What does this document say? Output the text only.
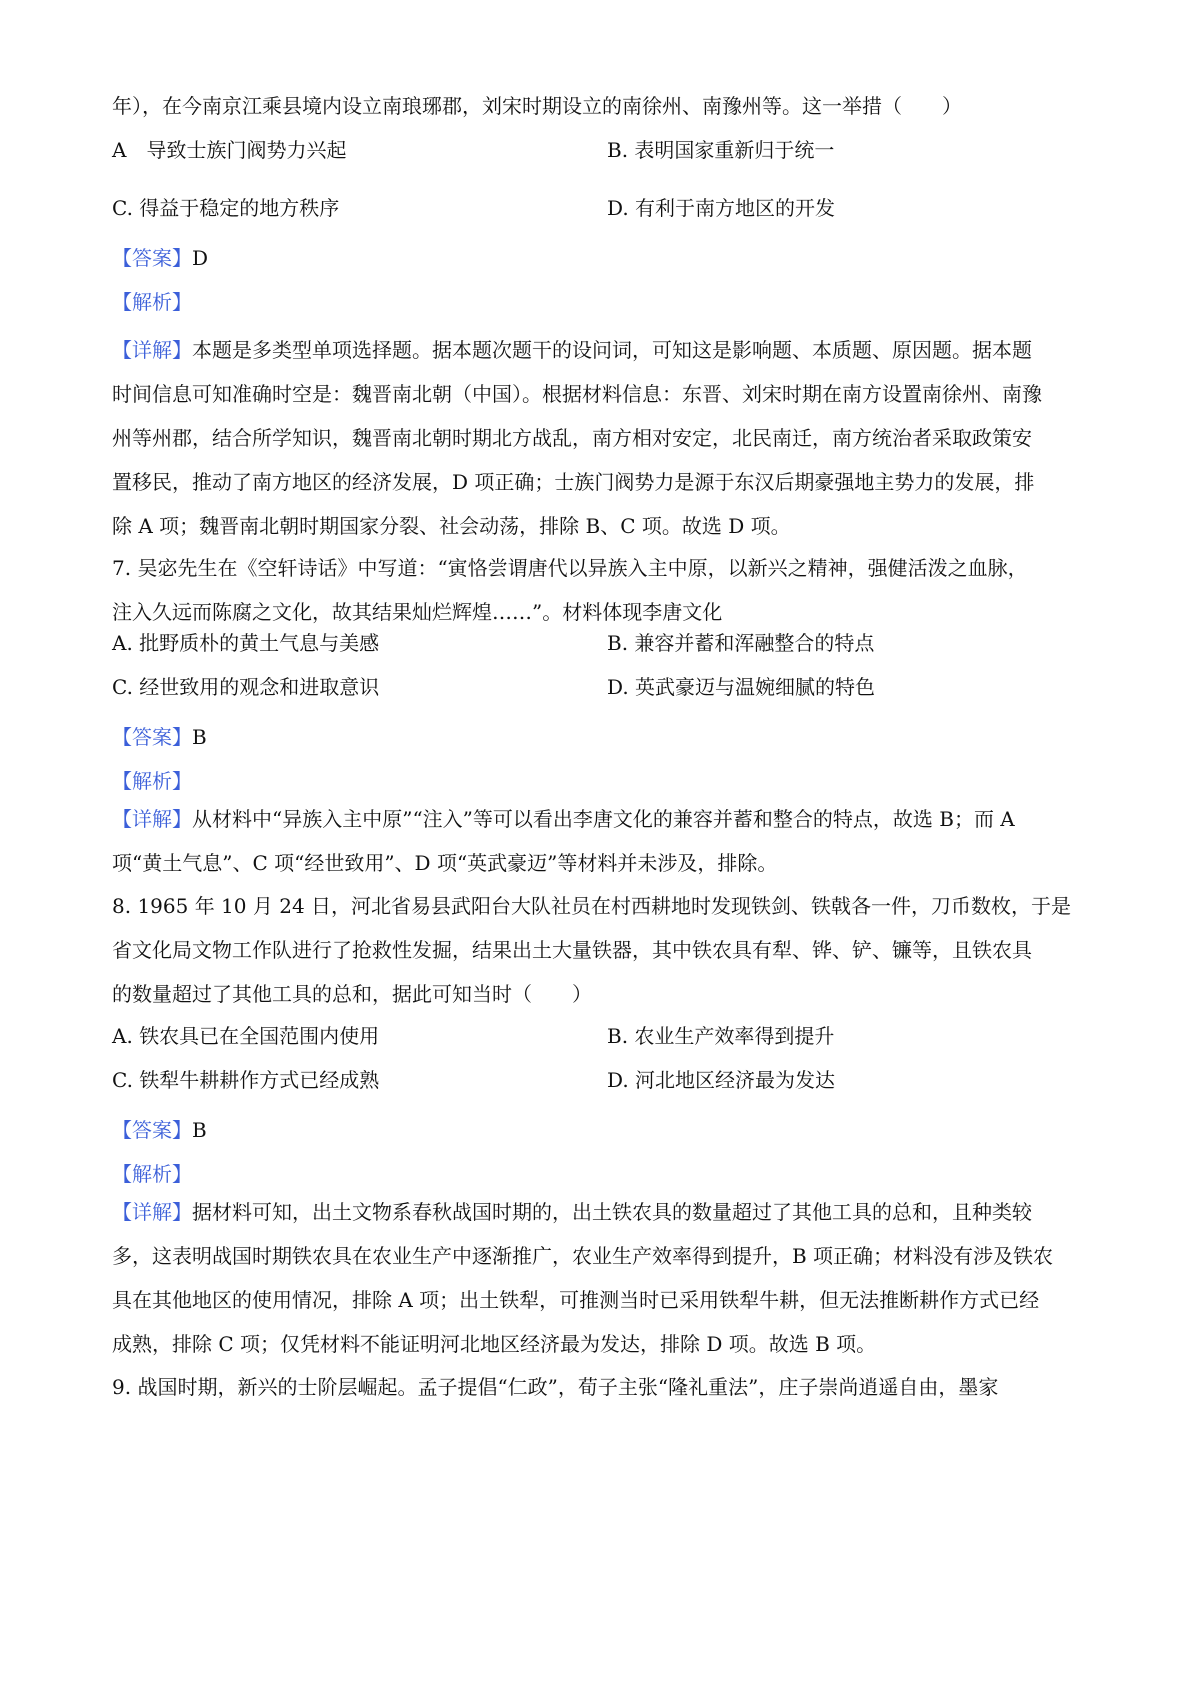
年），在今南京江乘县境内设立南琅琊郡，刘宋时期设立的南徐州、南豫州等。这一举措（　　）

A　导致士族门阀势力兴起	B. 表明国家重新归于统一
C. 得益于稳定的地方秩序	D. 有利于南方地区的开发

【答案】D

【解析】

【详解】本题是多类型单项选择题。据本题次题干的设问词，可知这是影响题、本质题、原因题。据本题
时间信息可知准确时空是：魏晋南北朝（中国）。根据材料信息：东晋、刘宋时期在南方设置南徐州、南豫
州等州郡，结合所学知识，魏晋南北朝时期北方战乱，南方相对安定，北民南迁，南方统治者采取政策安
置移民，推动了南方地区的经济发展，D 项正确；士族门阀势力是源于东汉后期豪强地主势力的发展，排
除 A 项；魏晋南北朝时期国家分裂、社会动荡，排除 B、C 项。故选 D 项。

7. 吴宓先生在《空轩诗话》中写道：“寅恪尝谓唐代以异族入主中原，以新兴之精神，强健活泼之血脉，
注入久远而陈腐之文化，故其结果灿烂辉煌……”。材料体现李唐文化

A. 批野质朴的黄土气息与美感	B. 兼容并蓄和浑融整合的特点
C. 经世致用的观念和进取意识	D. 英武豪迈与温婉细腻的特色

【答案】B

【解析】

【详解】从材料中“异族入主中原”“注入”等可以看出李唐文化的兼容并蓄和整合的特点，故选 B；而 A
项“黄土气息”、C 项“经世致用”、D 项“英武豪迈”等材料并未涉及，排除。

8. 1965 年 10 月 24 日，河北省易县武阳台大队社员在村西耕地时发现铁剑、铁戟各一件，刀币数枚，于是
省文化局文物工作队进行了抢救性发掘，结果出土大量铁器，其中铁农具有犁、铧、铲、镰等，且铁农具
的数量超过了其他工具的总和，据此可知当时（　　）

A. 铁农具已在全国范围内使用	B. 农业生产效率得到提升
C. 铁犁牛耕耕作方式已经成熟	D. 河北地区经济最为发达

【答案】B

【解析】

【详解】据材料可知，出土文物系春秋战国时期的，出土铁农具的数量超过了其他工具的总和，且种类较
多，这表明战国时期铁农具在农业生产中逐渐推广，农业生产效率得到提升，B 项正确；材料没有涉及铁农
具在其他地区的使用情况，排除 A 项；出土铁犁，可推测当时已采用铁犁牛耕，但无法推断耕作方式已经
成熟，排除 C 项；仅凭材料不能证明河北地区经济最为发达，排除 D 项。故选 B 项。

9. 战国时期，新兴的士阶层崛起。孟子提倡“仁政”，荀子主张“隆礼重法”，庄子崇尚逍遥自由，墨家
